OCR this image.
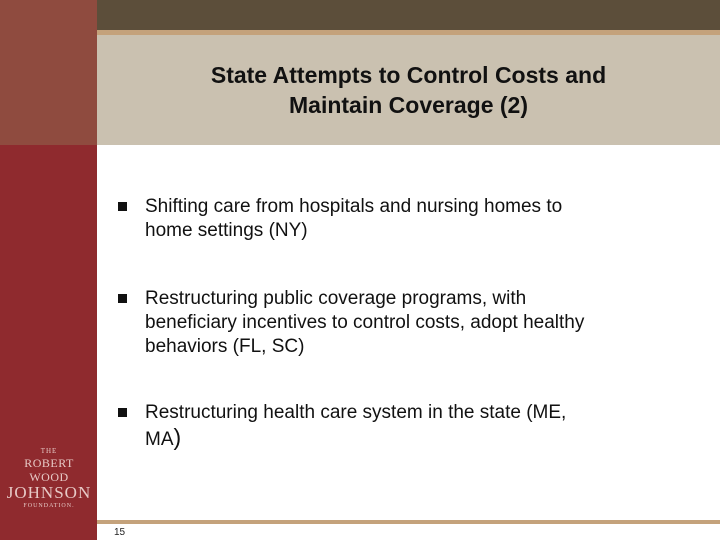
State Attempts to Control Costs and
Maintain Coverage (2)
Shifting care from hospitals and nursing homes to
home settings (NY)
Restructuring public coverage programs, with
beneficiary incentives to control costs, adopt healthy
behaviors (FL, SC)
Restructuring health care system in the state (ME,
MA)
THE
ROBERT WOOD
JOHNSON
FOUNDATION.
15
